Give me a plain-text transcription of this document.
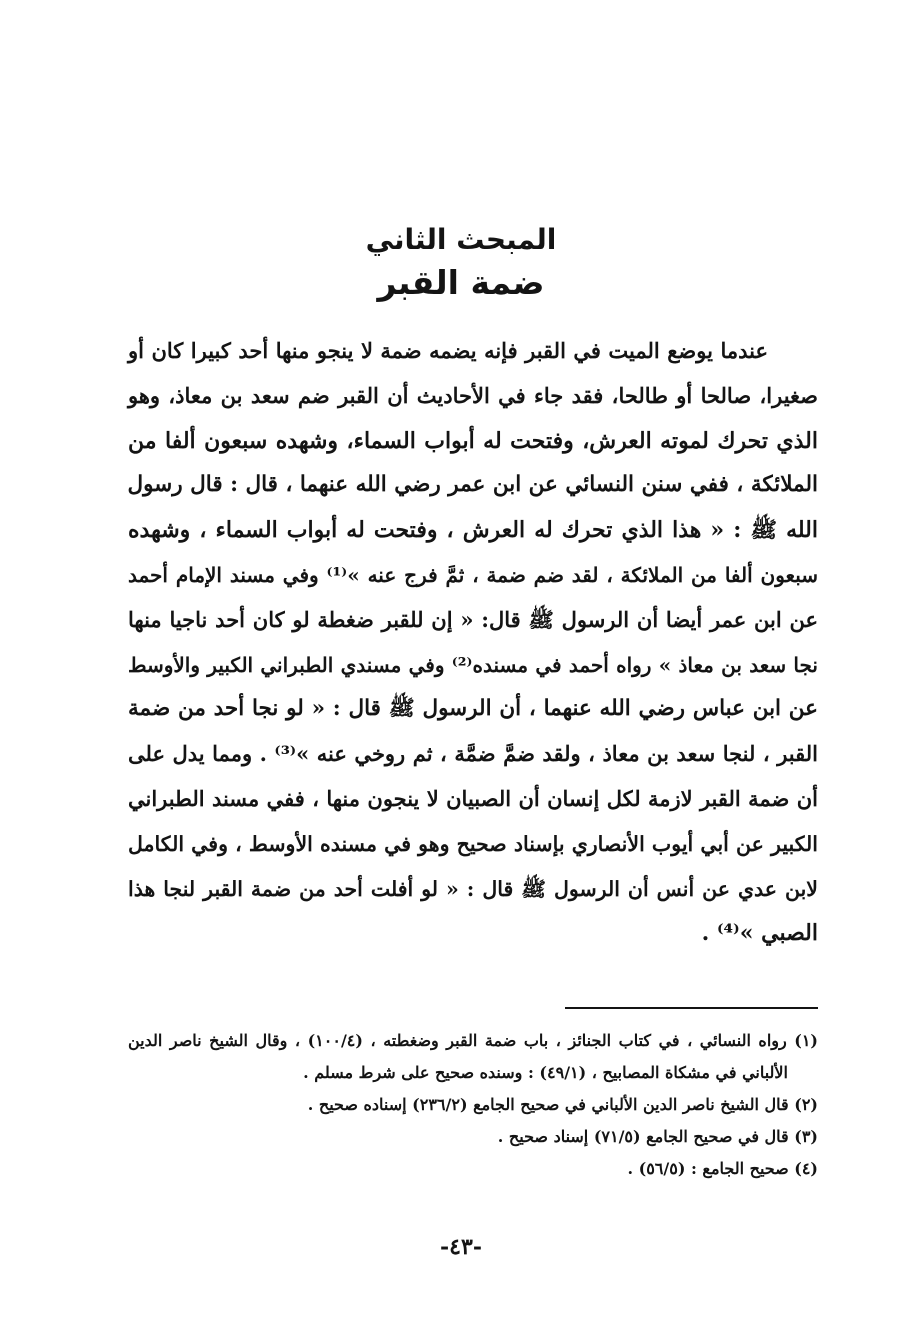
المبحث الثاني
ضمة القبر
عندما يوضع الميت في القبر فإنه يضمه ضمة لا ينجو منها أحد كبيرا كان أو
صغيرا، صالحا أو طالحا، فقد جاء في الأحاديث أن القبر ضم سعد بن معاذ، وهو
الذي تحرك لموته العرش، وفتحت له أبواب السماء، وشهده سبعون ألفا من
الملائكة ، ففي سنن النسائي عن ابن عمر رضي الله عنهما ، قال : قال رسول
الله ﷺ : « هذا الذي تحرك له العرش ، وفتحت له أبواب السماء ، وشهده
سبعون ألفا من الملائكة ، لقد ضم ضمة ، ثمَّ فرج عنه »⁽¹⁾ وفي مسند الإمام أحمد
عن ابن عمر أيضا أن الرسول ﷺ قال: « إن للقبر ضغطة لو كان أحد ناجيا منها
نجا سعد بن معاذ » رواه أحمد في مسنده⁽²⁾ وفي مسندي الطبراني الكبير والأوسط
عن ابن عباس رضي الله عنهما ، أن الرسول ﷺ قال : « لو نجا أحد من ضمة
القبر ، لنجا سعد بن معاذ ، ولقد ضمَّ ضمَّة ، ثم روخي عنه »⁽³⁾ . ومما يدل على
أن ضمة القبر لازمة لكل إنسان أن الصبيان لا ينجون منها ، ففي مسند الطبراني
الكبير عن أبي أيوب الأنصاري بإسناد صحيح وهو في مسنده الأوسط ، وفي الكامل
لابن عدي عن أنس أن الرسول ﷺ قال : « لو أفلت أحد من ضمة القبر لنجا هذا
الصبي »⁽⁴⁾ .
(١) رواه النسائي ، في كتاب الجنائز ، باب ضمة القبر وضغطته ، (١٠٠/٤) ، وقال الشيخ ناصر الدين
الألباني في مشكاة المصابيح ، (٤٩/١) : وسنده صحيح على شرط مسلم .
(٢) قال الشيخ ناصر الدين الألباني في صحيح الجامع (٢٣٦/٢) إسناده صحيح .
(٣) قال في صحيح الجامع (٧١/٥) إسناد صحيح .
(٤) صحيح الجامع : (٥٦/٥) .
-٤٣-
